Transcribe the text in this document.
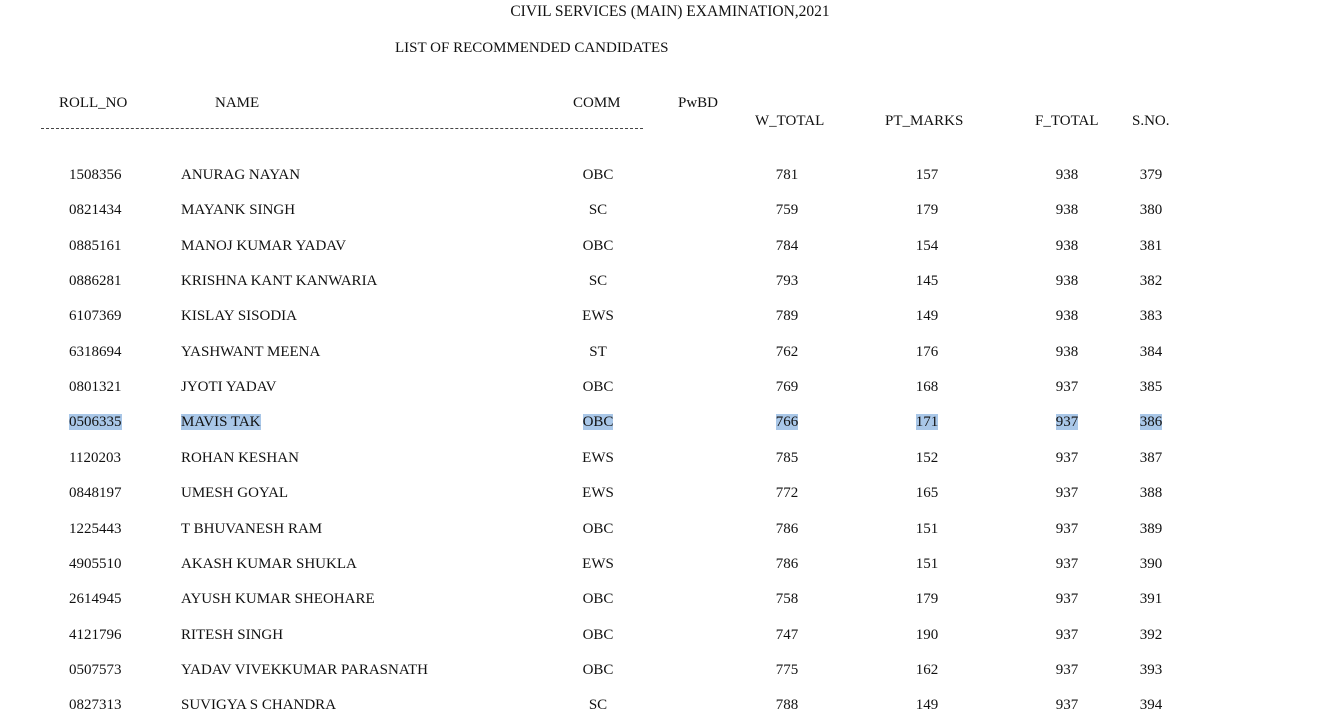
CIVIL SERVICES (MAIN) EXAMINATION,2021
LIST OF RECOMMENDED CANDIDATES
ROLL_NO	NAME	COMM	PwBD
W_TOTAL	PT_MARKS	F_TOTAL S.NO.
1508356	ANURAG NAYAN	OBC	781	157	938	379
0821434	MAYANK SINGH	SC	759	179	938	380
0885161	MANOJ KUMAR YADAV	OBC	784	154	938	381
0886281	KRISHNA KANT KANWARIA	SC	793	145	938	382
6107369	KISLAY SISODIA	EWS	789	149	938	383
6318694	YASHWANT MEENA	ST	762	176	938	384
0801321	JYOTI YADAV	OBC	769	168	937	385
0506335	MAVIS TAK	OBC	766	171	937	386
1120203	ROHAN KESHAN	EWS	785	152	937	387
0848197	UMESH GOYAL	EWS	772	165	937	388
1225443	T BHUVANESH RAM	OBC	786	151	937	389
4905510	AKASH KUMAR SHUKLA	EWS	786	151	937	390
2614945	AYUSH KUMAR SHEOHARE	OBC	758	179	937	391
4121796	RITESH SINGH	OBC	747	190	937	392
0507573	YADAV VIVEKKUMAR PARASNATH	OBC	775	162	937	393
0827313	SUVIGYA S CHANDRA	SC	788	149	937	394
